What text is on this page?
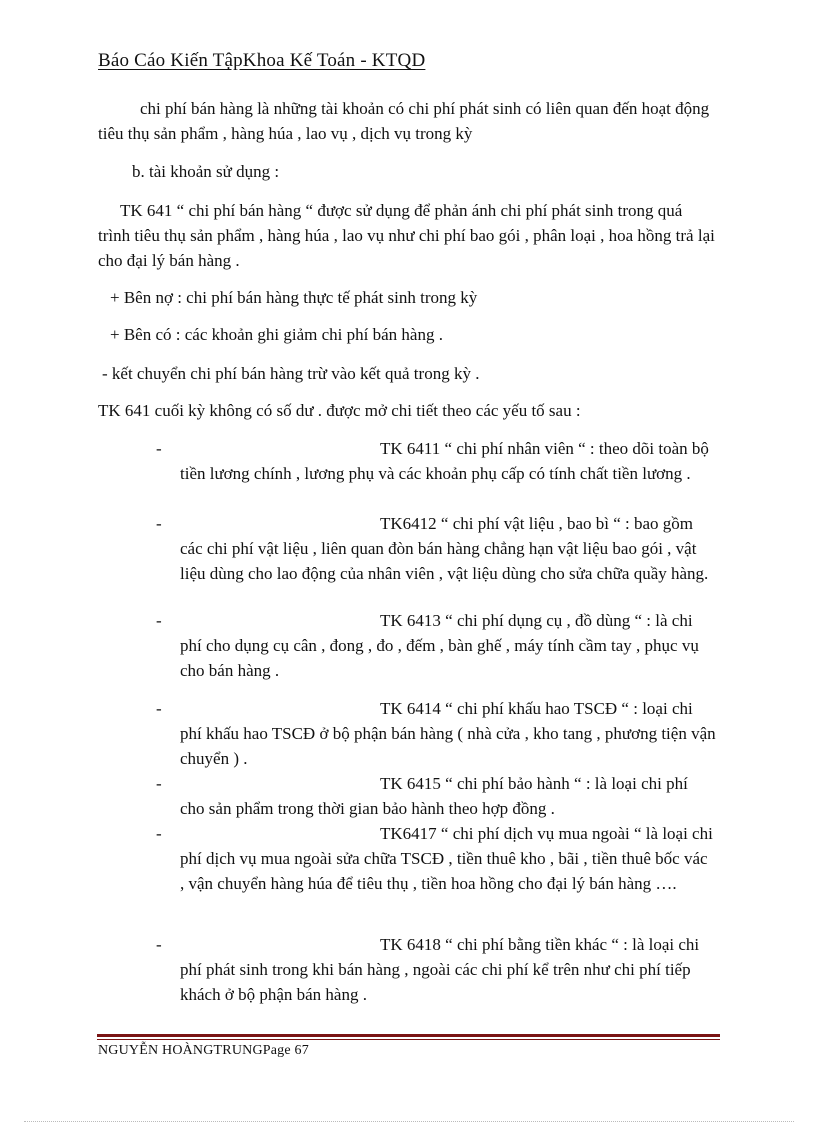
Báo Cáo Kiến TậpKhoa Kế Toán - KTQD
chi phí bán hàng là những tài khoản có chi phí phát sinh có liên quan đến hoạt động tiêu thụ sản phẩm , hàng húa , lao vụ , dịch vụ trong kỳ
b. tài khoản sử dụng :
TK 641 “ chi phí bán hàng “ được sử dụng để phản ánh chi phí phát sinh trong quá trình tiêu thụ sản phẩm , hàng húa , lao vụ như chi phí bao gói , phân loại , hoa hồng trả lại cho đại lý bán hàng .
+ Bên nợ : chi phí bán hàng thực tế phát sinh trong kỳ
+ Bên có : các khoản ghi giảm chi phí bán hàng .
- kết chuyển chi phí bán hàng trừ vào kết quả trong kỳ .
TK 641 cuối kỳ không có số dư . được mở chi tiết theo các yếu tố sau :
-	TK 6411 “ chi phí nhân viên “ : theo dõi toàn bộ tiền lương chính , lương phụ và các khoản phụ cấp có tính chất tiền lương .
-	TK6412 “ chi phí vật liệu , bao bì “ : bao gồm các chi phí vật liệu , liên quan đòn bán hàng chẳng hạn vật liệu bao gói , vật liệu dùng cho lao động của nhân viên , vật liệu dùng cho sửa chữa quầy hàng.
-	TK 6413 “ chi phí dụng cụ , đồ dùng “ : là chi phí cho dụng cụ cân , đong , đo , đếm , bàn ghế , máy tính cầm tay , phục vụ cho bán hàng .
-	TK 6414 “ chi phí khấu hao TSCĐ “ : loại chi phí khấu hao TSCĐ ở bộ phận bán hàng ( nhà cửa , kho tang , phương tiện vận chuyển ) .
-	TK 6415 “ chi phí bảo hành “ : là loại chi phí cho sản phẩm trong thời gian bảo hành theo hợp đồng .
-	TK6417 “ chi phí dịch vụ mua ngoài “ là loại chi phí dịch vụ mua ngoài sửa chữa TSCĐ , tiền thuê kho , bãi , tiền thuê bốc vác , vận chuyển hàng húa để tiêu thụ , tiền hoa hồng cho đại lý bán hàng ….
-	TK 6418 “ chi phí bằng tiền khác “ : là loại chi phí phát sinh trong khi bán hàng , ngoài các chi phí kể trên như chi phí tiếp khách ở bộ phận bán hàng .
NGUYỄN HOÀNGTRUNGPage 67
